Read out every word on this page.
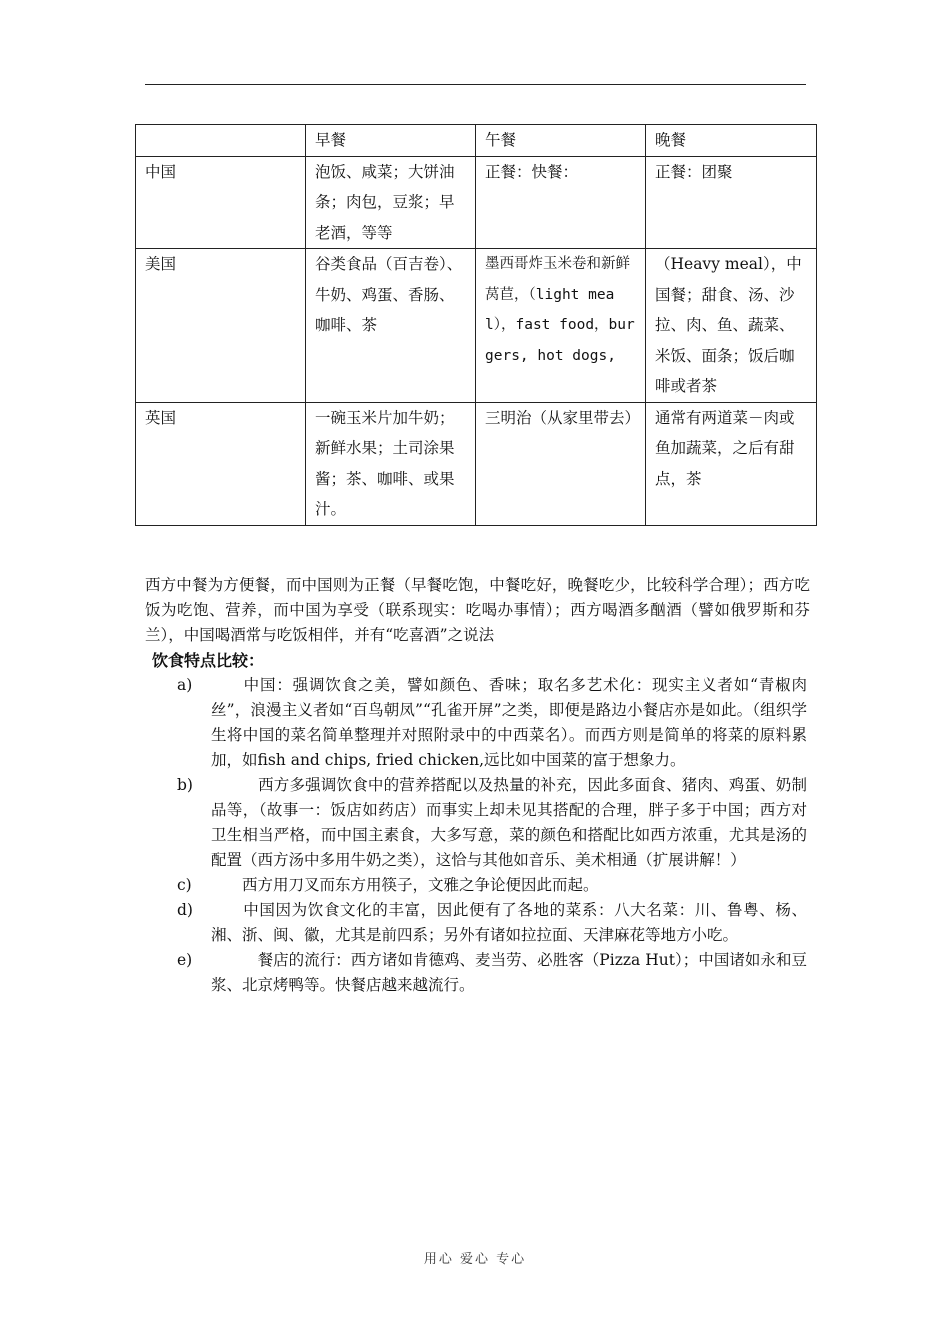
	早餐	午餐	晚餐
中国	泡饭、咸菜；大饼油条；肉包，豆浆；早老酒，等等	正餐：快餐：	正餐：团聚
美国	谷类食品（百吉卷）、牛奶、鸡蛋、香肠、咖啡、茶	墨西哥炸玉米卷和新鲜莴苣，（light meal），fast food，burgers, hot dogs,	（Heavy meal），中国餐；甜食、汤、沙拉、肉、鱼、蔬菜、米饭、面条；饭后咖啡或者茶
英国	一碗玉米片加牛奶；新鲜水果；土司涂果酱；茶、咖啡、或果汁。	三明治（从家里带去）	通常有两道菜－肉或鱼加蔬菜，之后有甜点，茶
西方中餐为方便餐，而中国则为正餐（早餐吃饱，中餐吃好，晚餐吃少，比较科学合理）；西方吃饭为吃饱、营养，而中国为享受（联系现实：吃喝办事情）；西方喝酒多酗酒（譬如俄罗斯和芬兰），中国喝酒常与吃饭相伴，并有“吃喜酒”之说法
饮食特点比较：
a) 　　中国：强调饮食之美，譬如颜色、香味；取名多艺术化：现实主义者如“青椒肉丝”，浪漫主义者如“百鸟朝凤”“孔雀开屏”之类，即便是路边小餐店亦是如此。（组织学生将中国的菜名简单整理并对照附录中的中西菜名）。而西方则是简单的将菜的原料累加，如fish and chips, fried chicken,远比如中国菜的富于想象力。
b) 　　　西方多强调饮食中的营养搭配以及热量的补充，因此多面食、猪肉、鸡蛋、奶制品等，（故事一：饭店如药店）而事实上却未见其搭配的合理，胖子多于中国；西方对卫生相当严格，而中国主素食，大多写意，菜的颜色和搭配比如西方浓重，尤其是汤的配置（西方汤中多用牛奶之类），这恰与其他如音乐、美术相通（扩展讲解！）
c) 　　西方用刀叉而东方用筷子，文雅之争论便因此而起。
d) 　　中国因为饮食文化的丰富，因此便有了各地的菜系：八大名菜：川、鲁粤、杨、湘、浙、闽、徽，尤其是前四系；另外有诸如拉拉面、天津麻花等地方小吃。
e) 　　　餐店的流行：西方诸如肯德鸡、麦当劳、必胜客（Pizza Hut）；中国诸如永和豆浆、北京烤鸭等。快餐店越来越流行。
用心 爱心 专心
